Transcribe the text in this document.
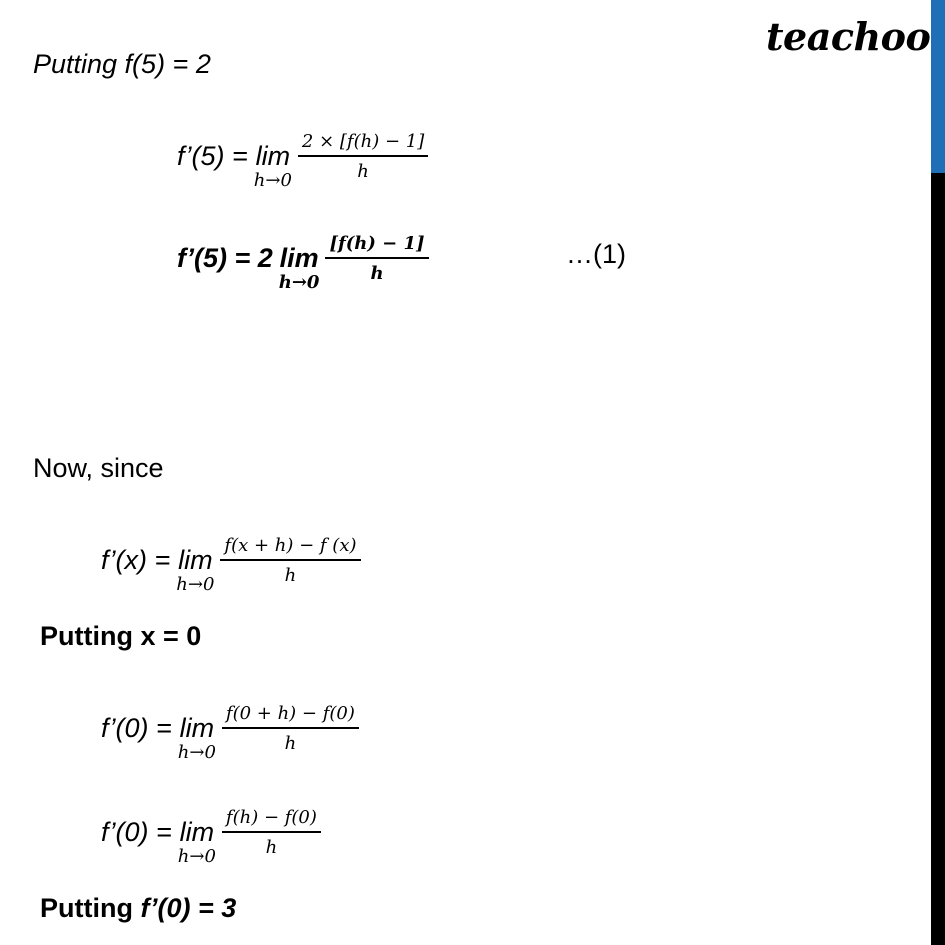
teachoo
Putting f(5) = 2
f’(5) = lim
$h\to 0 \frac{2 \times [f(h) - 1]}{h}$
f’(5) = 2 lim
$h\to 0 \frac{[f(h) - 1]}{h}$	…(1)
Now, since
f’(x) = lim
$h\to 0 \frac{f(x + h) - f (x)}{h}$
Putting x = 0
f’(0) = lim
$h\to 0 \frac{f(0 + h) - f(0)}{h}$
f’(0) = lim
$h\to 0 \frac{f(h) - f(0)}{h}$
Putting f’(0) = 3
